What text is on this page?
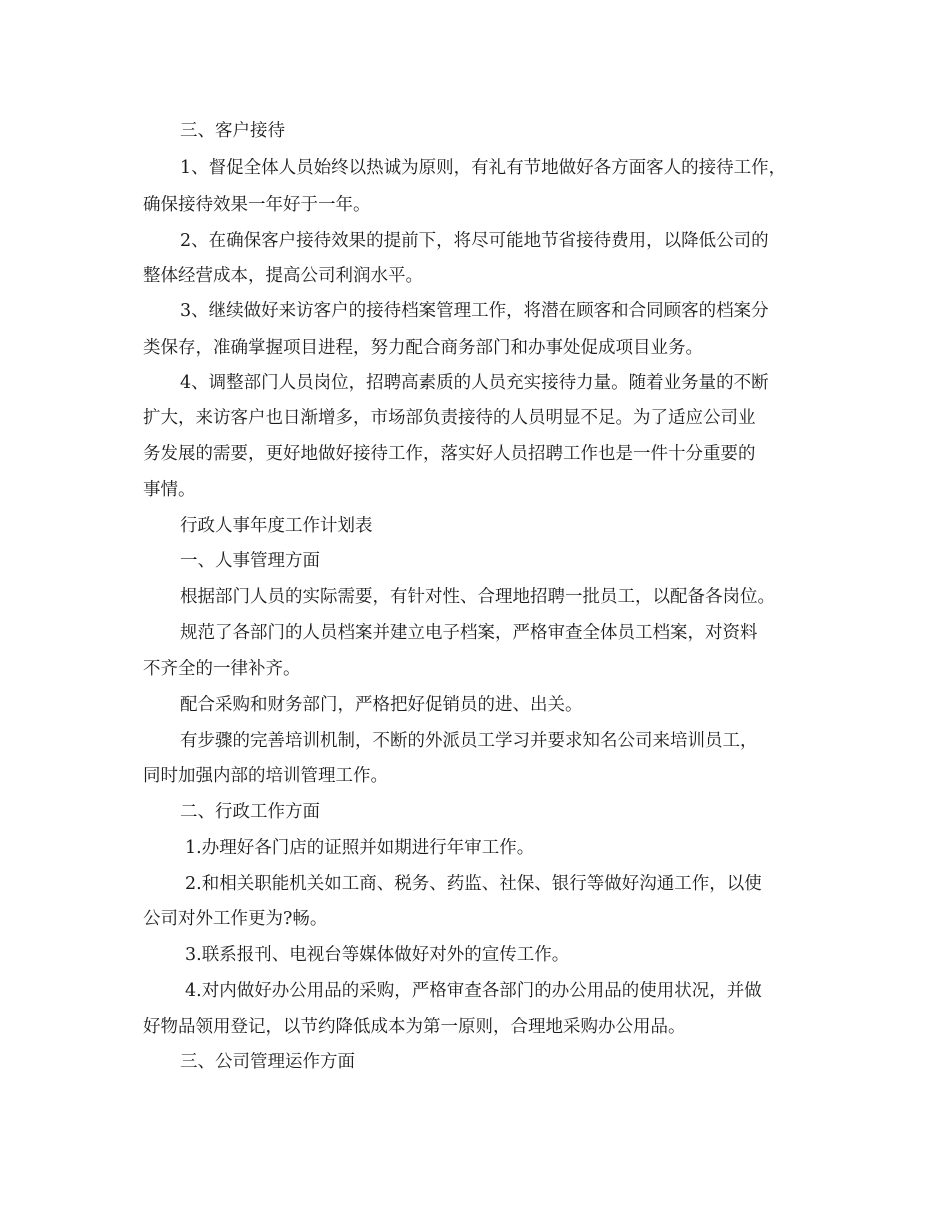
三、客户接待

1、督促全体人员始终以热诚为原则，有礼有节地做好各方面客人的接待工作，

确保接待效果一年好于一年。

2、在确保客户接待效果的提前下，将尽可能地节省接待费用，以降低公司的

整体经营成本，提高公司利润水平。

3、继续做好来访客户的接待档案管理工作，将潜在顾客和合同顾客的档案分

类保存，准确掌握项目进程，努力配合商务部门和办事处促成项目业务。

4、调整部门人员岗位，招聘高素质的人员充实接待力量。随着业务量的不断

扩大，来访客户也日渐增多，市场部负责接待的人员明显不足。为了适应公司业

务发展的需要，更好地做好接待工作，落实好人员招聘工作也是一件十分重要的

事情。

行政人事年度工作计划表

一、人事管理方面

根据部门人员的实际需要，有针对性、合理地招聘一批员工，以配备各岗位。

规范了各部门的人员档案并建立电子档案，严格审查全体员工档案，对资料

不齐全的一律补齐。

配合采购和财务部门，严格把好促销员的进、出关。

有步骤的完善培训机制，不断的外派员工学习并要求知名公司来培训员工，

同时加强内部的培训管理工作。

二、行政工作方面

1.办理好各门店的证照并如期进行年审工作。

2.和相关职能机关如工商、税务、药监、社保、银行等做好沟通工作，以使

公司对外工作更为?畅。

3.联系报刊、电视台等媒体做好对外的宣传工作。

4.对内做好办公用品的采购，严格审查各部门的办公用品的使用状况，并做

好物品领用登记，以节约降低成本为第一原则，合理地采购办公用品。

三、公司管理运作方面
